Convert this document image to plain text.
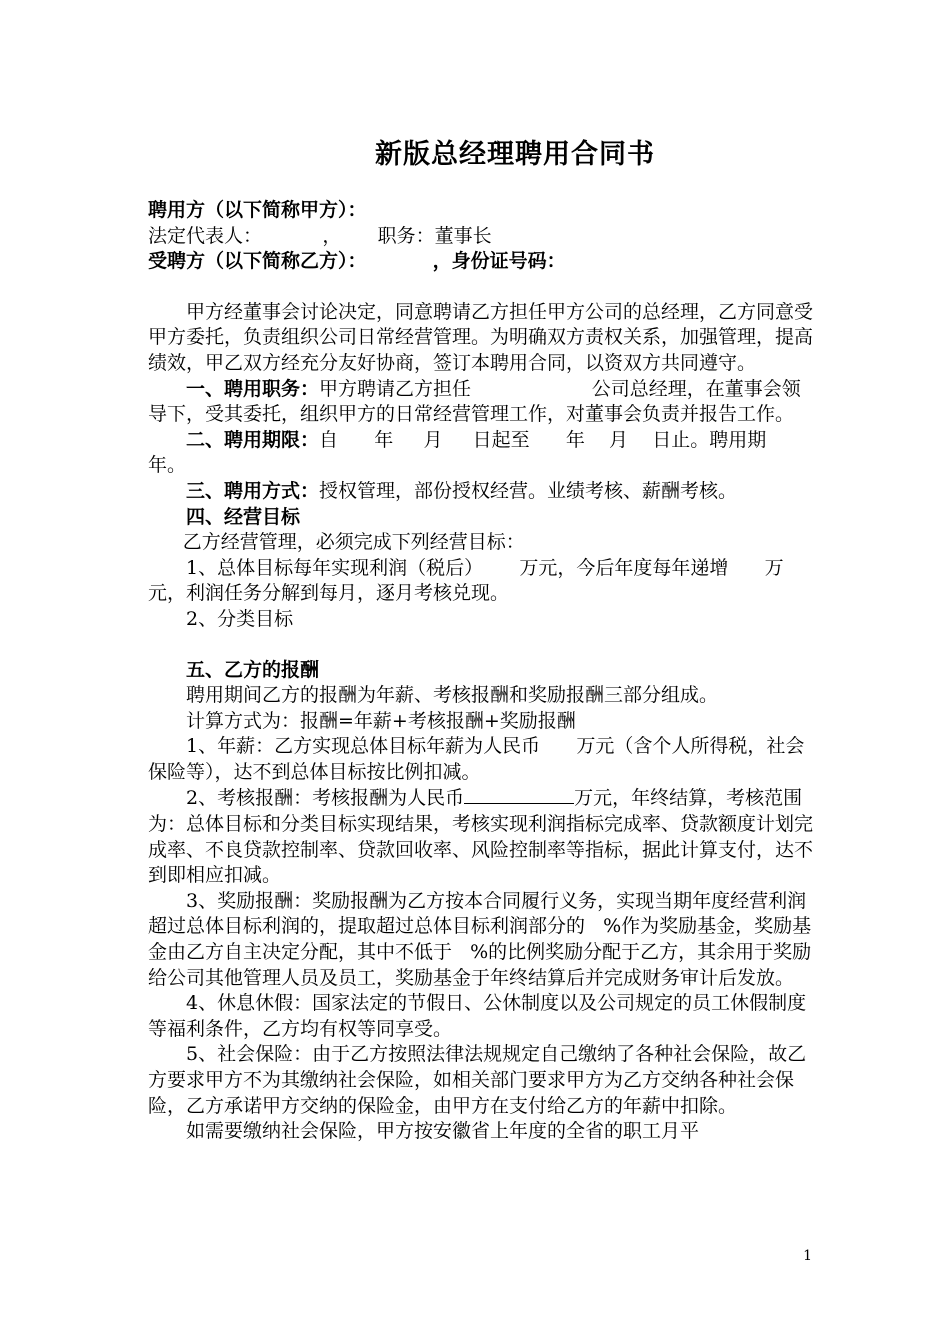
新版总经理聘用合同书

聘用方（以下简称甲方）：

法定代表人：          ，      职务：董事长

受聘方（以下简称乙方）：          ，身份证号码：

甲方经董事会讨论决定，同意聘请乙方担任甲方公司的总经理，乙方同意受甲方委托，负责组织公司日常经营管理。为明确双方责权关系，加强管理，提高绩效，甲乙双方经充分友好协商，签订本聘用合同，以资双方共同遵守。

一、聘用职务：甲方聘请乙方担任                    公司总经理，在董事会领导下，受其委托，组织甲方的日常经营管理工作，对董事会负责并报告工作。

二、聘用期限：自      年     月     日起至      年    月    日止。聘用期     年。

三、聘用方式：授权管理，部份授权经营。业绩考核、薪酬考核。

四、经营目标

乙方经营管理，必须完成下列经营目标：

1、总体目标每年实现利润（税后）      万元，今后年度每年递增      万元，利润任务分解到每月，逐月考核兑现。

2、分类目标

五、乙方的报酬

聘用期间乙方的报酬为年薪、考核报酬和奖励报酬三部分组成。

计算方式为：报酬=年薪+考核报酬+奖励报酬

1、年薪：乙方实现总体目标年薪为人民币      万元（含个人所得税，社会保险等），达不到总体目标按比例扣减。

2、考核报酬：考核报酬为人民币	万元，年终结算，考核范围为：总体目标和分类目标实现结果，考核实现利润指标完成率、贷款额度计划完成率、不良贷款控制率、贷款回收率、风险控制率等指标，据此计算支付，达不到即相应扣减。

3、奖励报酬：奖励报酬为乙方按本合同履行义务，实现当期年度经营利润超过总体目标利润的，提取超过总体目标利润部分的   %作为奖励基金，奖励基金由乙方自主决定分配，其中不低于   %的比例奖励分配于乙方，其余用于奖励给公司其他管理人员及员工，奖励基金于年终结算后并完成财务审计后发放。

4、休息休假：国家法定的节假日、公休制度以及公司规定的员工休假制度等福利条件，乙方均有权等同享受。

5、社会保险：由于乙方按照法律法规规定自己缴纳了各种社会保险，故乙方要求甲方不为其缴纳社会保险，如相关部门要求甲方为乙方交纳各种社会保险，乙方承诺甲方交纳的保险金，由甲方在支付给乙方的年薪中扣除。

如需要缴纳社会保险，甲方按安徽省上年度的全省的职工月平

1
